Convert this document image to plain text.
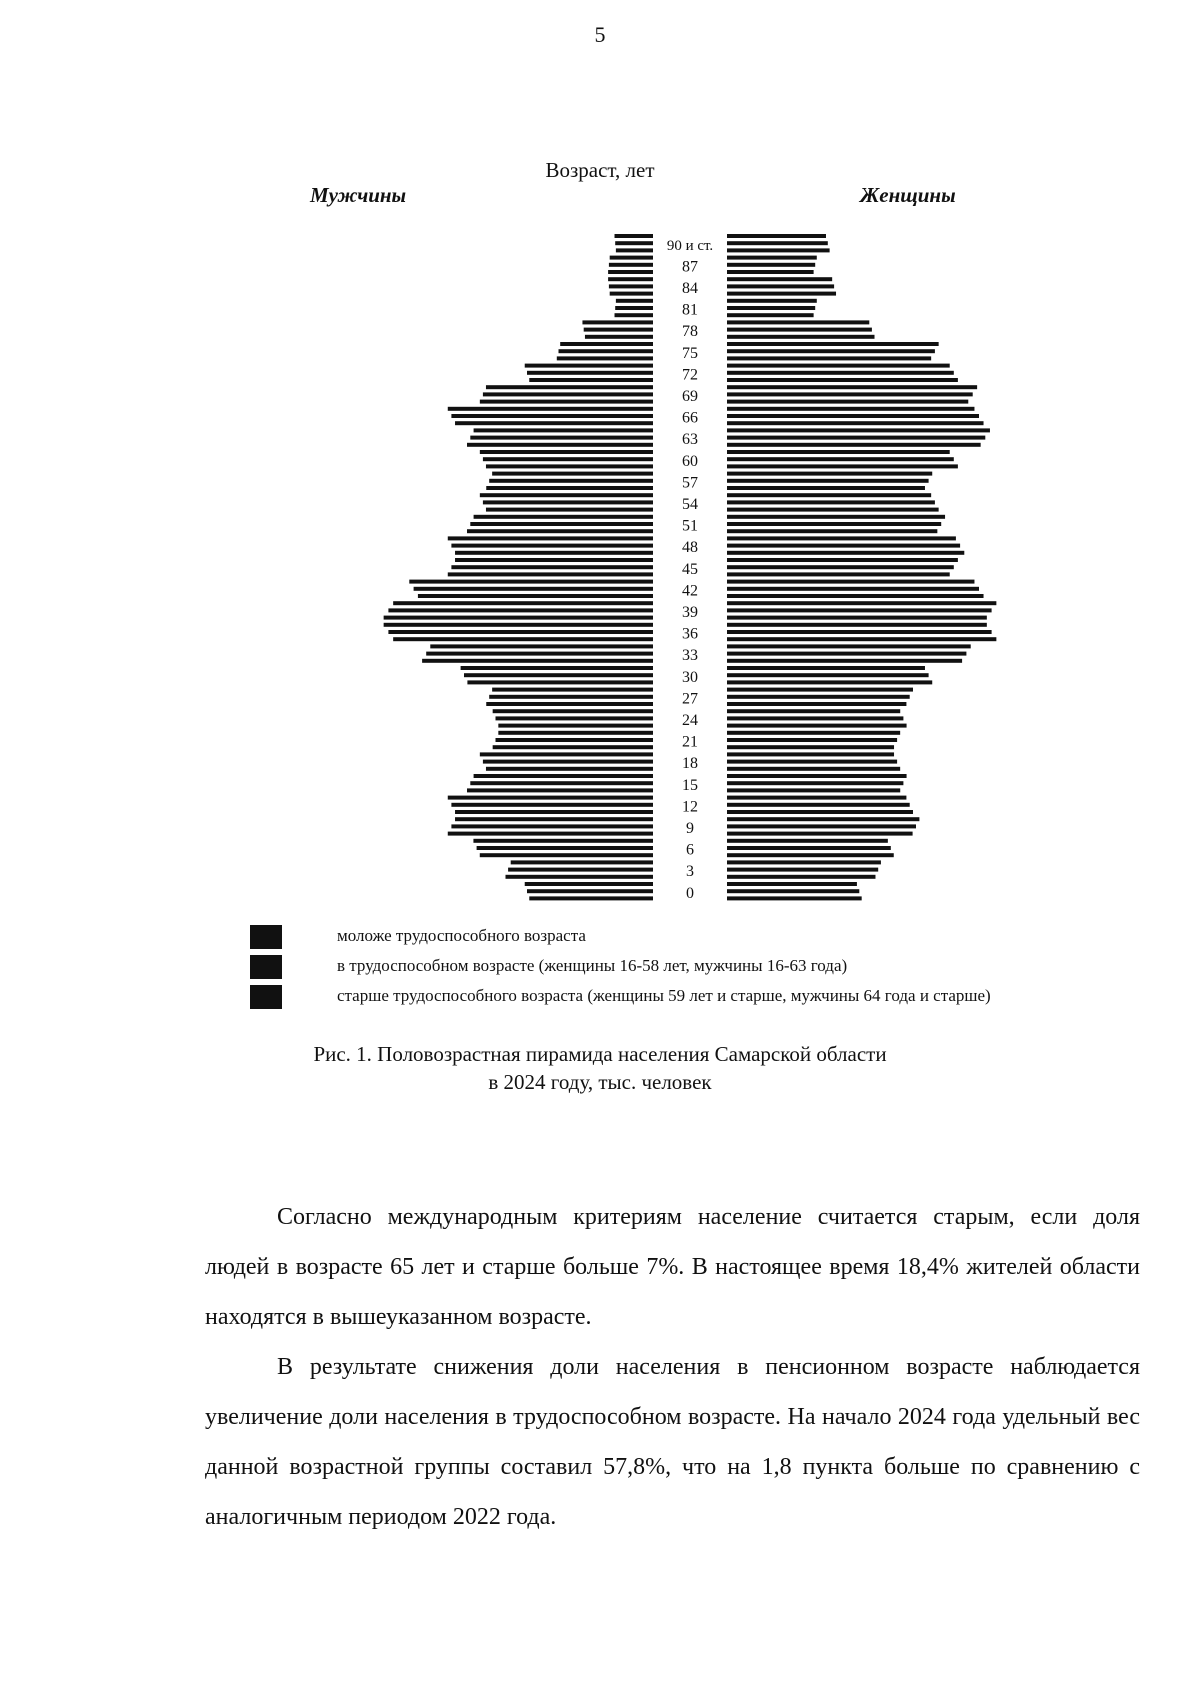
5
Возраст, лет
Мужчины	Женщины
90 и ст.
87
84
81
78
75
72
69
66
63
60
57
54
51
48
45
42
39
36
33
30
27
24
21
18
15
12
9
6
3
0
моложе трудоспособного возраста
в трудоспособном возрасте (женщины 16-58 лет, мужчины 16-63 года)
старше трудоспособного возраста (женщины 59 лет и старше, мужчины 64 года и старше)
Рис. 1. Половозрастная пирамида населения Самарской области
в 2024 году, тыс. человек

Согласно международным критериям население считается старым, если доля людей в возрасте 65 лет и старше больше 7%. В настоящее время 18,4% жителей области находятся в вышеуказанном возрасте.

В результате снижения доли населения в пенсионном возрасте наблюдается увеличение доли населения в трудоспособном возрасте. На начало 2024 года удельный вес данной возрастной группы составил 57,8%, что на 1,8 пункта больше по сравнению с аналогичным периодом 2022 года.
